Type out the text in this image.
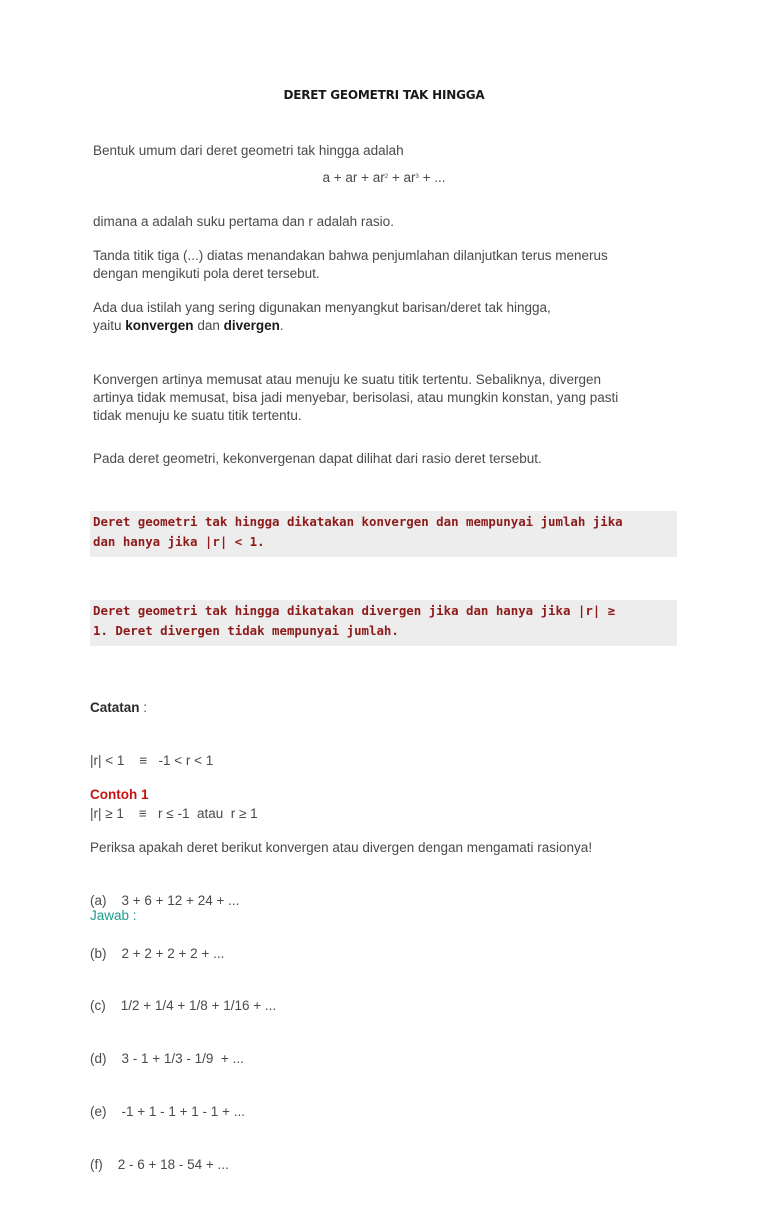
DERET GEOMETRI TAK HINGGA
Bentuk umum dari deret geometri tak hingga adalah
a + ar + $ar^2 + ar^3$ + ...
dimana a adalah suku pertama dan r adalah rasio.
Tanda titik tiga (...) diatas menandakan bahwa penjumlahan dilanjutkan terus menerus
dengan mengikuti pola deret tersebut.
Ada dua istilah yang sering digunakan menyangkut barisan/deret tak hingga,
yaitu konvergen dan divergen.
Konvergen artinya memusat atau menuju ke suatu titik tertentu. Sebaliknya, divergen
artinya tidak memusat, bisa jadi menyebar, berisolasi, atau mungkin konstan, yang pasti
tidak menuju ke suatu titik tertentu.
Pada deret geometri, kekonvergenan dapat dilihat dari rasio deret tersebut.
Deret geometri tak hingga dikatakan konvergen dan mempunyai jumlah jika
dan hanya jika |r| < 1.
Deret geometri tak hingga dikatakan divergen jika dan hanya jika |r| ≥
1. Deret divergen tidak mempunyai jumlah.

Catatan :

|r| < 1    ≡   -1 < r < 1

|r| ≥ 1    ≡   r ≤ -1  atau  r ≥ 1

Contoh 1

Periksa apakah deret berikut konvergen atau divergen dengan mengamati rasionya!

(a)    3 + 6 + 12 + 24 + ...

(b)    2 + 2 + 2 + 2 + ...

(c)    1/2 + 1/4 + 1/8 + 1/16 + ...

(d)    3 - 1 + 1/3 - 1/9  + ...

(e)    -1 + 1 - 1 + 1 - 1 + ...

(f)    2 - 6 + 18 - 54 + ...

Jawab :
